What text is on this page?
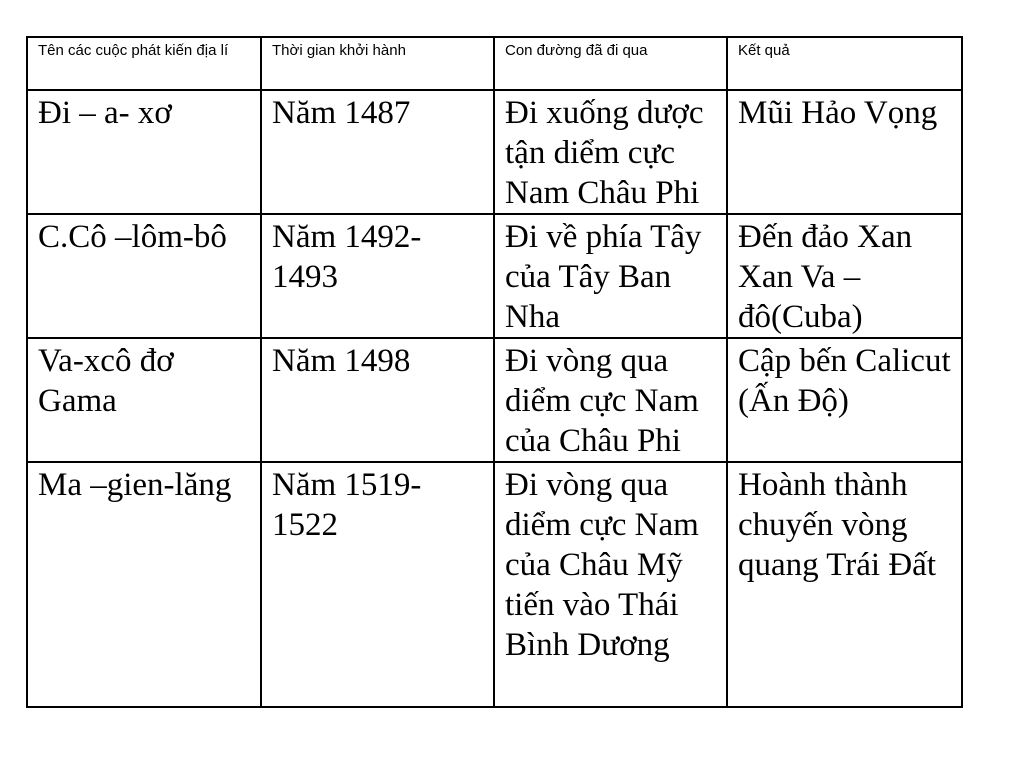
Tên các cuộc phát kiến địa lí	Thời gian khởi hành	Con đường đã đi qua	Kết quả
Đi – a- xơ	Năm 1487	Đi xuống dược tận diểm cực Nam Châu Phi	Mũi Hảo Vọng
C.Cô –lôm-bô	Năm 1492-1493	Đi về phía Tây của Tây Ban Nha	Đến đảo Xan Xan Va –đô(Cuba)
Va-xcô đơ Gama	Năm 1498	Đi vòng qua diểm cực Nam của Châu Phi	Cập bến Calicut (Ấn Độ)
Ma –gien-lăng	Năm 1519-1522	Đi vòng qua diểm cực Nam của Châu Mỹ tiến vào Thái Bình Dương	Hoành thành chuyến vòng quang Trái Đất
